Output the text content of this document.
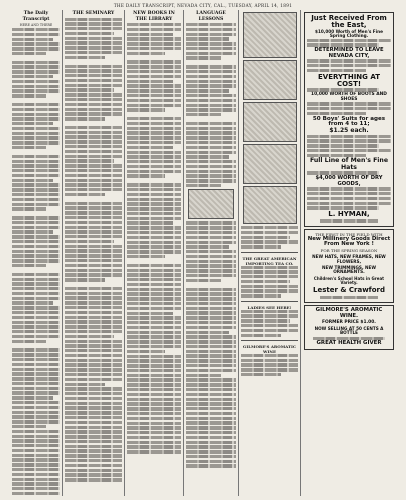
THE DAILY TRANSCRIPT, NEVADA CITY, CAL., TUESDAY, APRIL 14, 1891
The Daily Transcript
HERE AND THERE
THE SEMINARY	NEW BOOKS IN THE LIBRARY
LANGUAGE LESSONS
THE GREAT AMERICAN IMPORTING TEA CO.
LADIES SEE HERE!
GILMORE'S AROMATIC WINE
Just Received From the East,
$10,000 Worth of Men's Fine Spring Clothing.
DETERMINED TO LEAVE NEVADA CITY,
EVERYTHING AT COST!
10,000 WORTH OF BOOTS AND SHOES
50 Boys' Suits for ages from 4 to 11;
$1.25 each.
Full Line of Men's Fine Hats
$4,000 WORTH OF DRY GOODS,
L. HYMAN,
THE FIRST IN THE FIELD WITH
New Millinery Goods Direct From New York !
FOR THE SPRING SEASON
NEW HATS, NEW FRAMES, NEW FLOWERS,
NEW TRIMMINGS, NEW ORNAMENTS.
Children's School Hats in Great Variety.
Lester & Crawford
GILMORE'S AROMATIC WINE.
FORMER PRICE $1.00.
NOW SELLING AT 50 CENTS A BOTTLE
GREAT HEALTH GIVER
